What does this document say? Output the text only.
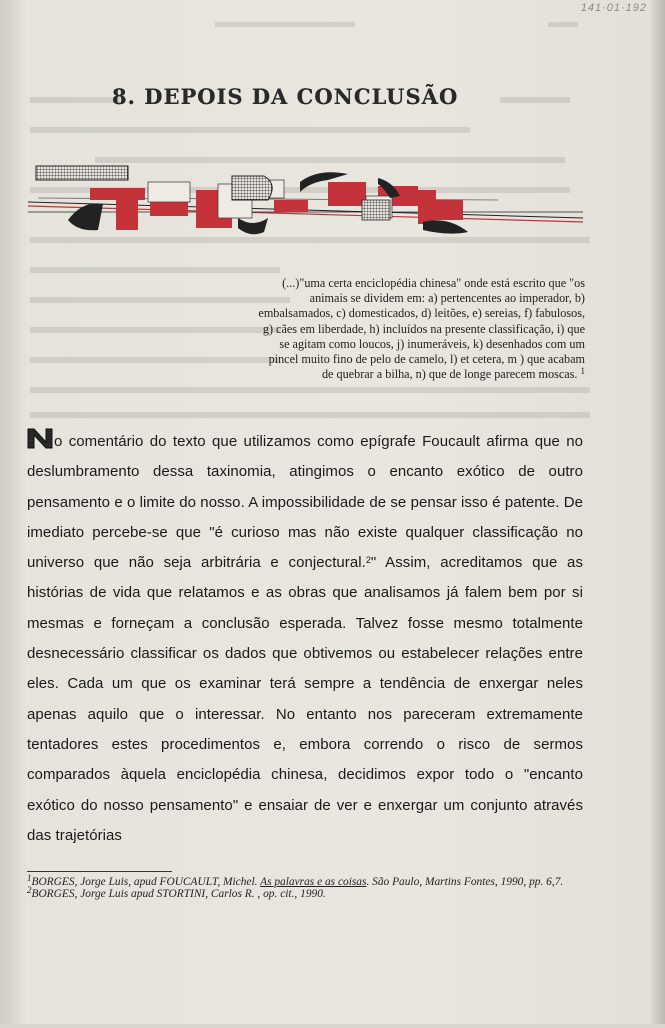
141·01·192
8. DEPOIS DA CONCLUSÃO
(...)"uma certa enciclopédia chinesa" onde está escrito que "os animais se dividem em: a) pertencentes ao imperador, b) embalsamados, c) domesticados, d) leitões, e) sereias, f) fabulosos, g) cães em liberdade, h) incluídos na presente classificação, i) que se agitam como loucos, j) inumeráveis, k) desenhados com um pincel muito fino de pelo de camelo, l) et cetera, m ) que acabam de quebrar a bilha, n) que de longe parecem moscas. $^1$
N o comentário do texto que utilizamos como epígrafe Foucault afirma que no deslumbramento dessa taxinomia, atingimos o encanto exótico de outro pensamento e o limite do nosso. A impossibilidade de se pensar isso é patente. De imediato percebe-se que "é curioso mas não existe qualquer classificação no universo que não seja arbitrária e conjectural.$^2$" Assim, acreditamos que as histórias de vida que relatamos e as obras que analisamos já falem bem por si mesmas e forneçam a conclusão esperada. Talvez fosse mesmo totalmente desnecessário classificar os dados que obtivemos ou estabelecer relações entre eles. Cada um que os examinar terá sempre a tendência de enxergar neles apenas aquilo que o interessar. No entanto nos pareceram extremamente tentadores estes procedimentos e, embora correndo o risco de sermos comparados àquela enciclopédia chinesa, decidimos expor todo o "encanto exótico do nosso pensamento" e ensaiar de ver e enxergar um conjunto através das trajetórias

$^1$BORGES, Jorge Luis, apud FOUCAULT, Michel. As palavras e as coisas. São Paulo, Martins Fontes, 1990, pp. 6,7.

$^2$BORGES, Jorge Luis apud STORTINI, Carlos R. , op. cit., 1990.
